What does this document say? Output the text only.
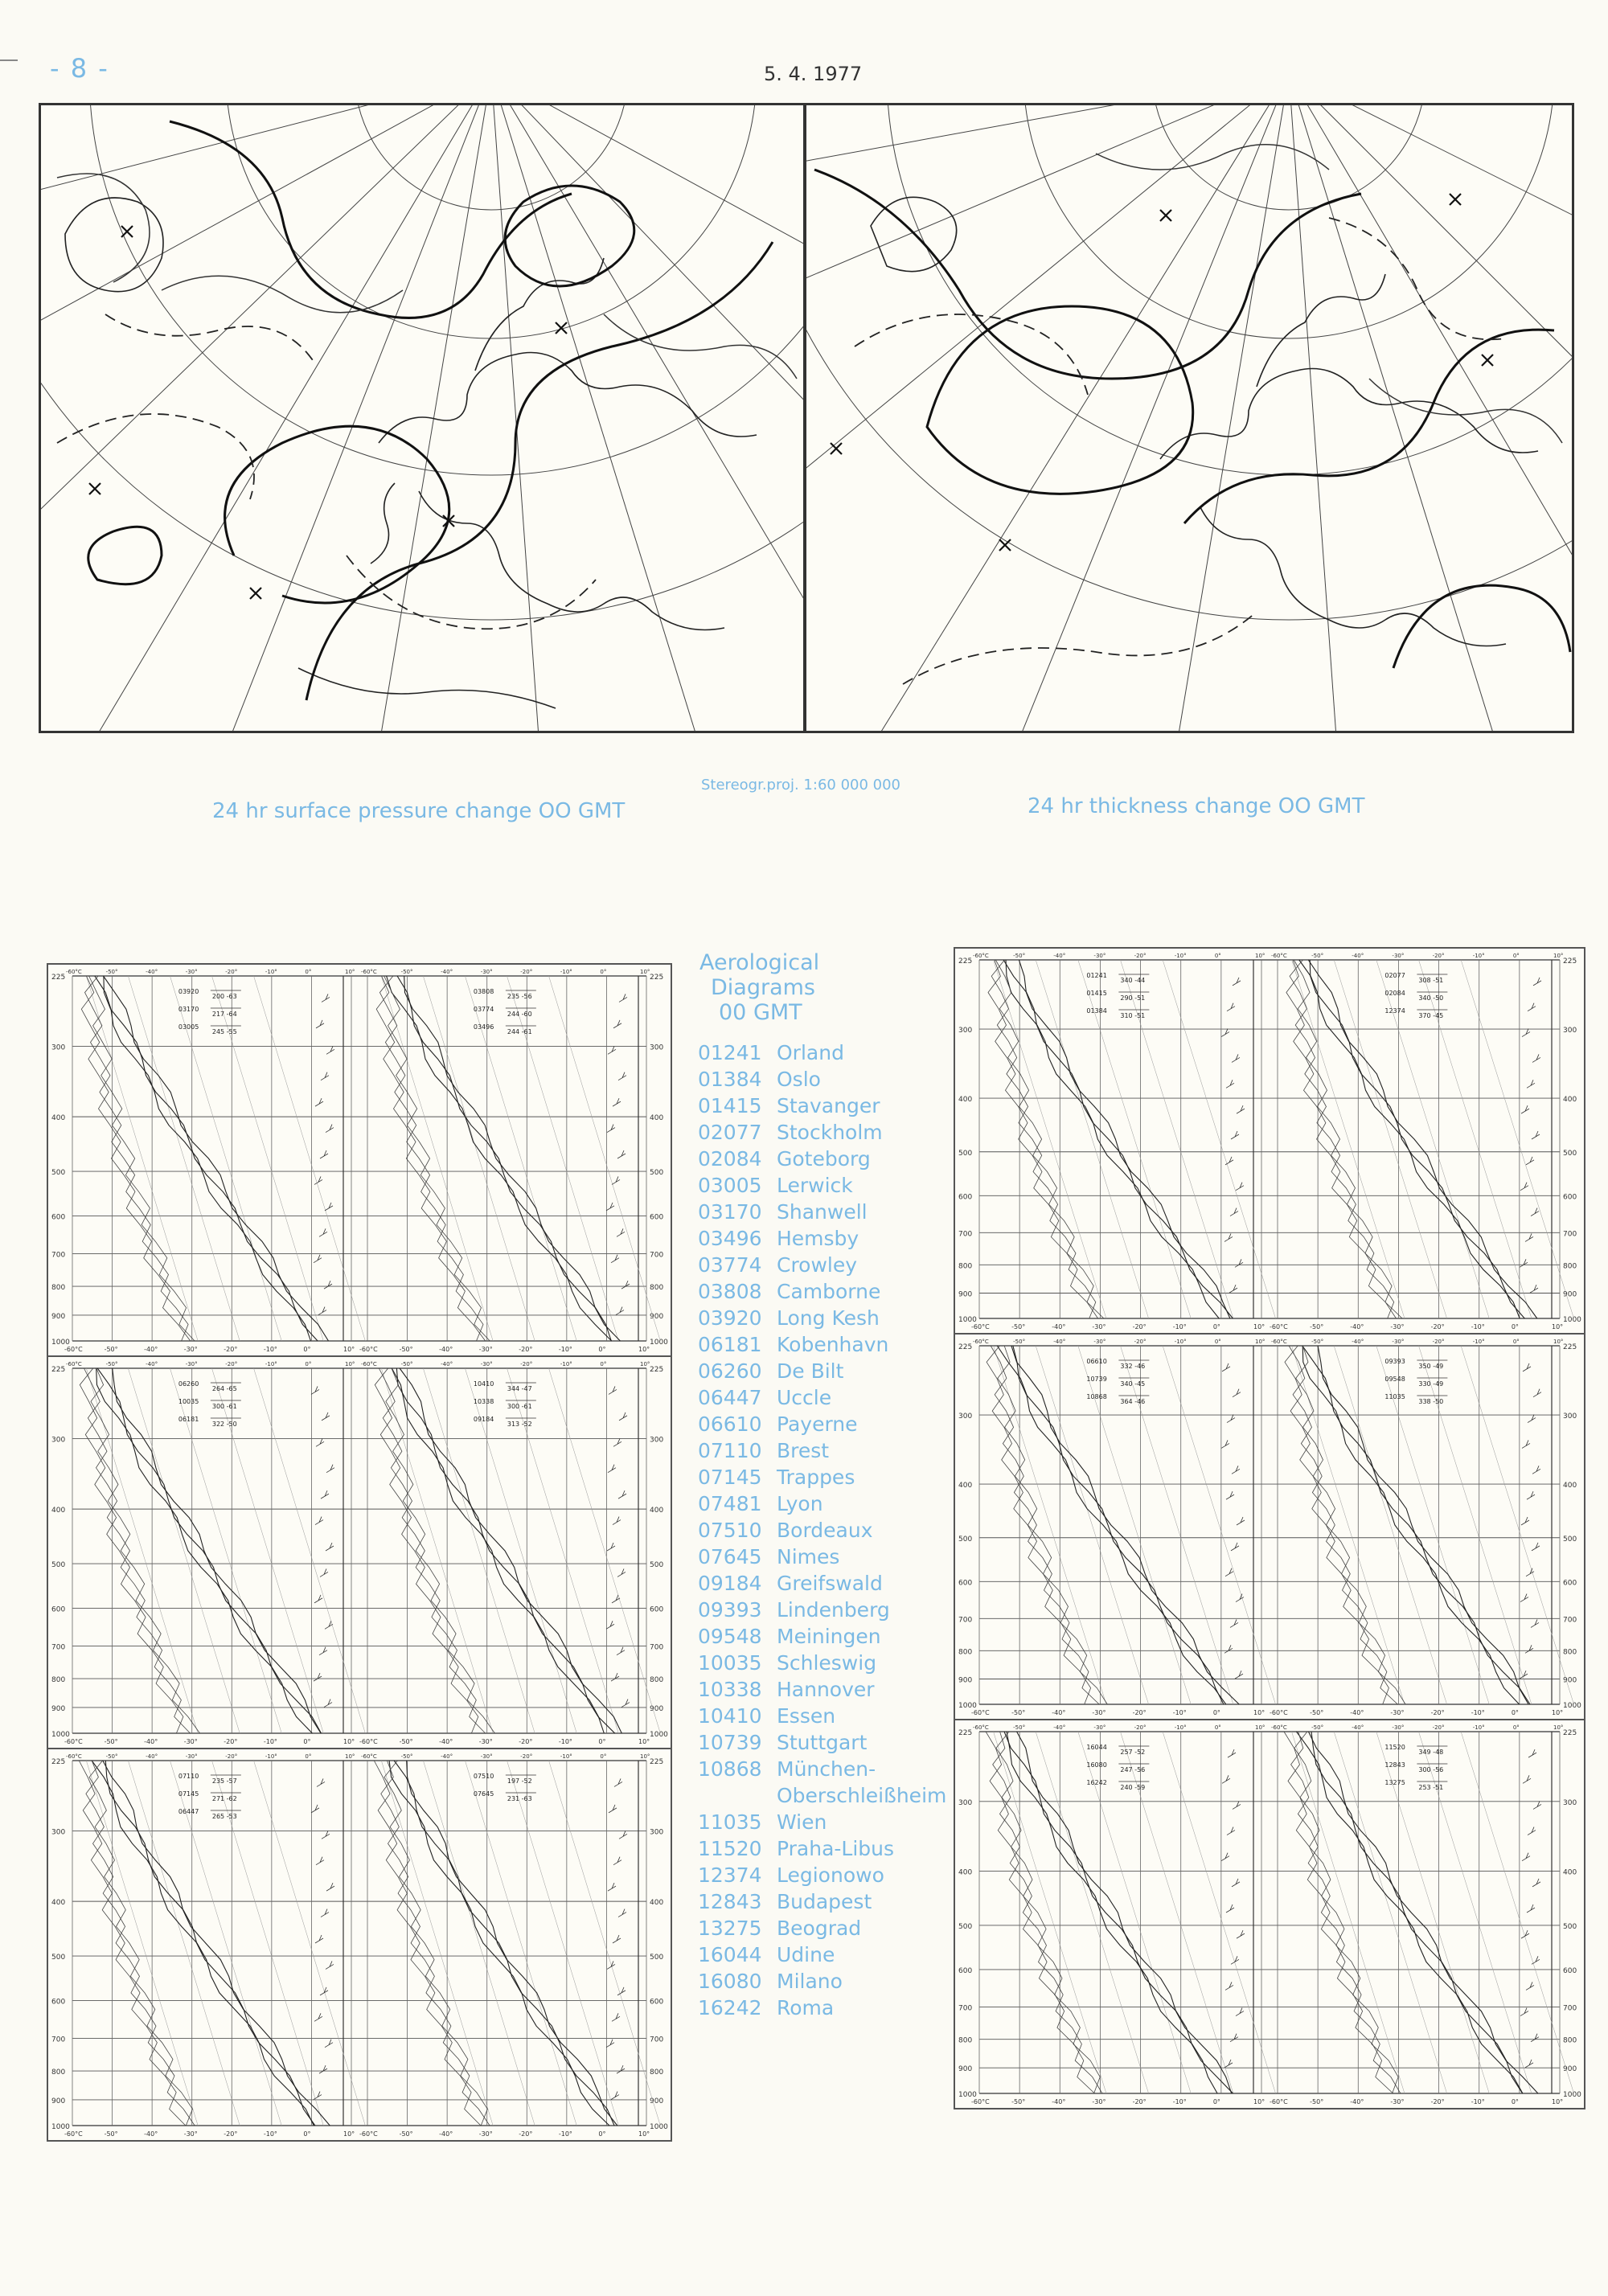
- 8 -	5. 4. 1977
Stereogr.proj. 1:60 000 000
24 hr surface pressure change OO GMT	24 hr thickness change OO GMT
225	225
300	300
400	400
500	500
600	600
700	700
800	800
900	900
1000	1000
-60°C
-60°C
-50°
-50°
-40°
-40°
-30°
-30°
-20°
-20°
-10°
-10°
0°
0°
10°
10°
03920
200 -63
03170
217 -64
03005
245 -55
-60°C
-60°C
-50°
-50°
-40°
-40°
-30°
-30°
-20°
-20°
-10°
-10°
0°
0°
10°
10°
03808
235 -56
03774
244 -60
03496
244 -61
225	225
300	300
400	400
500	500
600	600
700	700
800	800
900	900
1000	1000
-60°C
-60°C
-50°
-50°
-40°
-40°
-30°
-30°
-20°
-20°
-10°
-10°
0°
0°
10°
10°
06260
264 -65
10035
300 -61
06181
322 -50
-60°C
-60°C
-50°
-50°
-40°
-40°
-30°
-30°
-20°
-20°
-10°
-10°
0°
0°
10°
10°
10410
344 -47
10338
300 -61
09184
313 -52
225	225
300	300
400	400
500	500
600	600
700	700
800	800
900	900
1000	1000
-60°C
-60°C
-50°
-50°
-40°
-40°
-30°
-30°
-20°
-20°
-10°
-10°
0°
0°
10°
10°
07110
235 -57
07145
271 -62
06447
265 -53
-60°C
-60°C
-50°
-50°
-40°
-40°
-30°
-30°
-20°
-20°
-10°
-10°
0°
0°
10°
10°
07510
197 -52
07645
231 -63
225	225
300	300
400	400
500	500
600	600
700	700
800	800
900	900
1000	1000
-60°C
-60°C
-50°
-50°
-40°
-40°
-30°
-30°
-20°
-20°
-10°
-10°
0°
0°
10°
10°
01241
340 -44
01415
290 -51
01384
310 -51
-60°C
-60°C
-50°
-50°
-40°
-40°
-30°
-30°
-20°
-20°
-10°
-10°
0°
0°
10°
10°
02077
308 -51
02084
340 -50
12374
370 -45
225	225
300	300
400	400
500	500
600	600
700	700
800	800
900	900
1000	1000
-60°C
-60°C
-50°
-50°
-40°
-40°
-30°
-30°
-20°
-20°
-10°
-10°
0°
0°
10°
10°
06610
332 -46
10739
340 -45
10868
364 -46
-60°C
-60°C
-50°
-50°
-40°
-40°
-30°
-30°
-20°
-20°
-10°
-10°
0°
0°
10°
10°
09393
350 -49
09548
330 -49
11035
338 -50
225	225
300	300
400	400
500	500
600	600
700	700
800	800
900	900
1000	1000
-60°C
-60°C
-50°
-50°
-40°
-40°
-30°
-30°
-20°
-20°
-10°
-10°
0°
0°
10°
10°
16044
257 -52
16080
247 -56
16242
240 -59
-60°C
-60°C
-50°
-50°
-40°
-40°
-30°
-30°
-20°
-20°
-10°
-10°
0°
0°
10°
10°
11520
349 -48
12843
300 -56
13275
253 -51
Aerological
Diagrams
00 GMT
01241 Orland
01384 Oslo
01415 Stavanger
02077 Stockholm
02084 Goteborg
03005 Lerwick
03170 Shanwell
03496 Hemsby
03774 Crowley
03808 Camborne
03920 Long Kesh
06181 Kobenhavn
06260 De Bilt
06447 Uccle
06610 Payerne
07110 Brest
07145 Trappes
07481 Lyon
07510 Bordeaux
07645 Nimes
09184 Greifswald
09393 Lindenberg
09548 Meiningen
10035 Schleswig
10338 Hannover
10410 Essen
10739 Stuttgart
10868 München-
Oberschleißheim
11035 Wien
11520 Praha-Libus
12374 Legionowo
12843 Budapest
13275 Beograd
16044 Udine
16080 Milano
16242 Roma
